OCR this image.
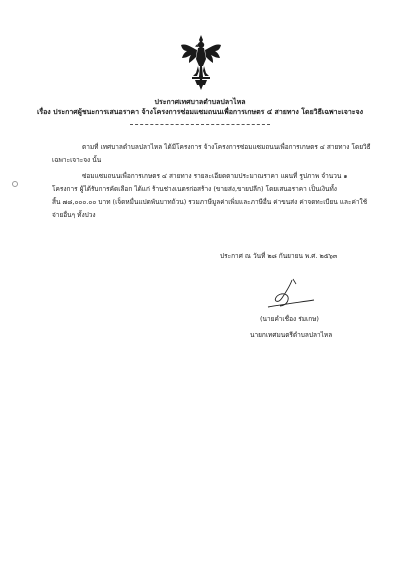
ประกาศเทศบาลตำบลปลาไหล
เรื่อง ประกาศผู้ชนะการเสนอราคา จ้างโครงการซ่อมแซมถนนเพื่อการเกษตร ๔ สายทาง โดยวิธีเฉพาะเจาะจง
ตามที่ เทศบาลตำบลปลาไหล ได้มีโครงการ จ้างโครงการซ่อมแซมถนนเพื่อการเกษตร ๔ สายทาง โดยวิธี
เฉพาะเจาะจง นั้น
ซ่อมแซมถนนเพื่อการเกษตร ๔ สายทาง รายละเอียดตามประมาณราคา แผนที่ รูปภาพ จำนวน ๑
โครงการ ผู้ได้รับการคัดเลือก ได้แก่ ร้านช่างเนตรก่อสร้าง (ขายส่ง,ขายปลีก) โดยเสนอราคา เป็นเงินทั้ง
สิ้น ๗๘,๐๐๐.๐๐ บาท (เจ็ดหมื่นแปดพันบาทถ้วน) รวมภาษีมูลค่าเพิ่มและภาษีอื่น ค่าขนส่ง ค่าจดทะเบียน และค่าใช้
จ่ายอื่นๆ ทั้งปวง
ประกาศ ณ วันที่ ๒๘ กันยายน พ.ศ. ๒๕๖๓
(นายคำเชื่อง ร่มเกษ)
นายกเทศมนตรีตำบลปลาไหล
